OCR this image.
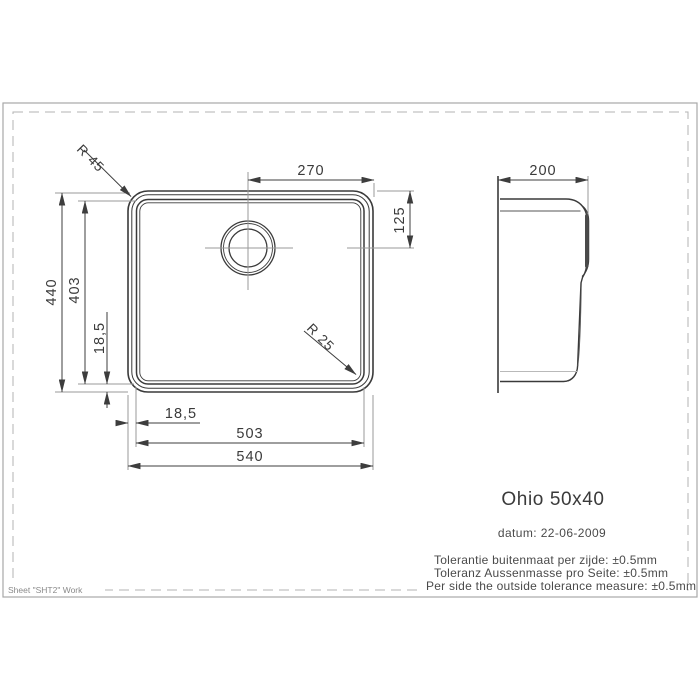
270
125
200
440 403
18,5
18,5
503
540
R 45
R 25
Ohio 50x40
datum: 22-06-2009
Tolerantie buitenmaat per zijde: ±0.5mm
Toleranz Aussenmasse pro Seite: ±0.5mm
Per side the outside tolerance measure: ±0.5mm
Sheet "SHT2" Work
